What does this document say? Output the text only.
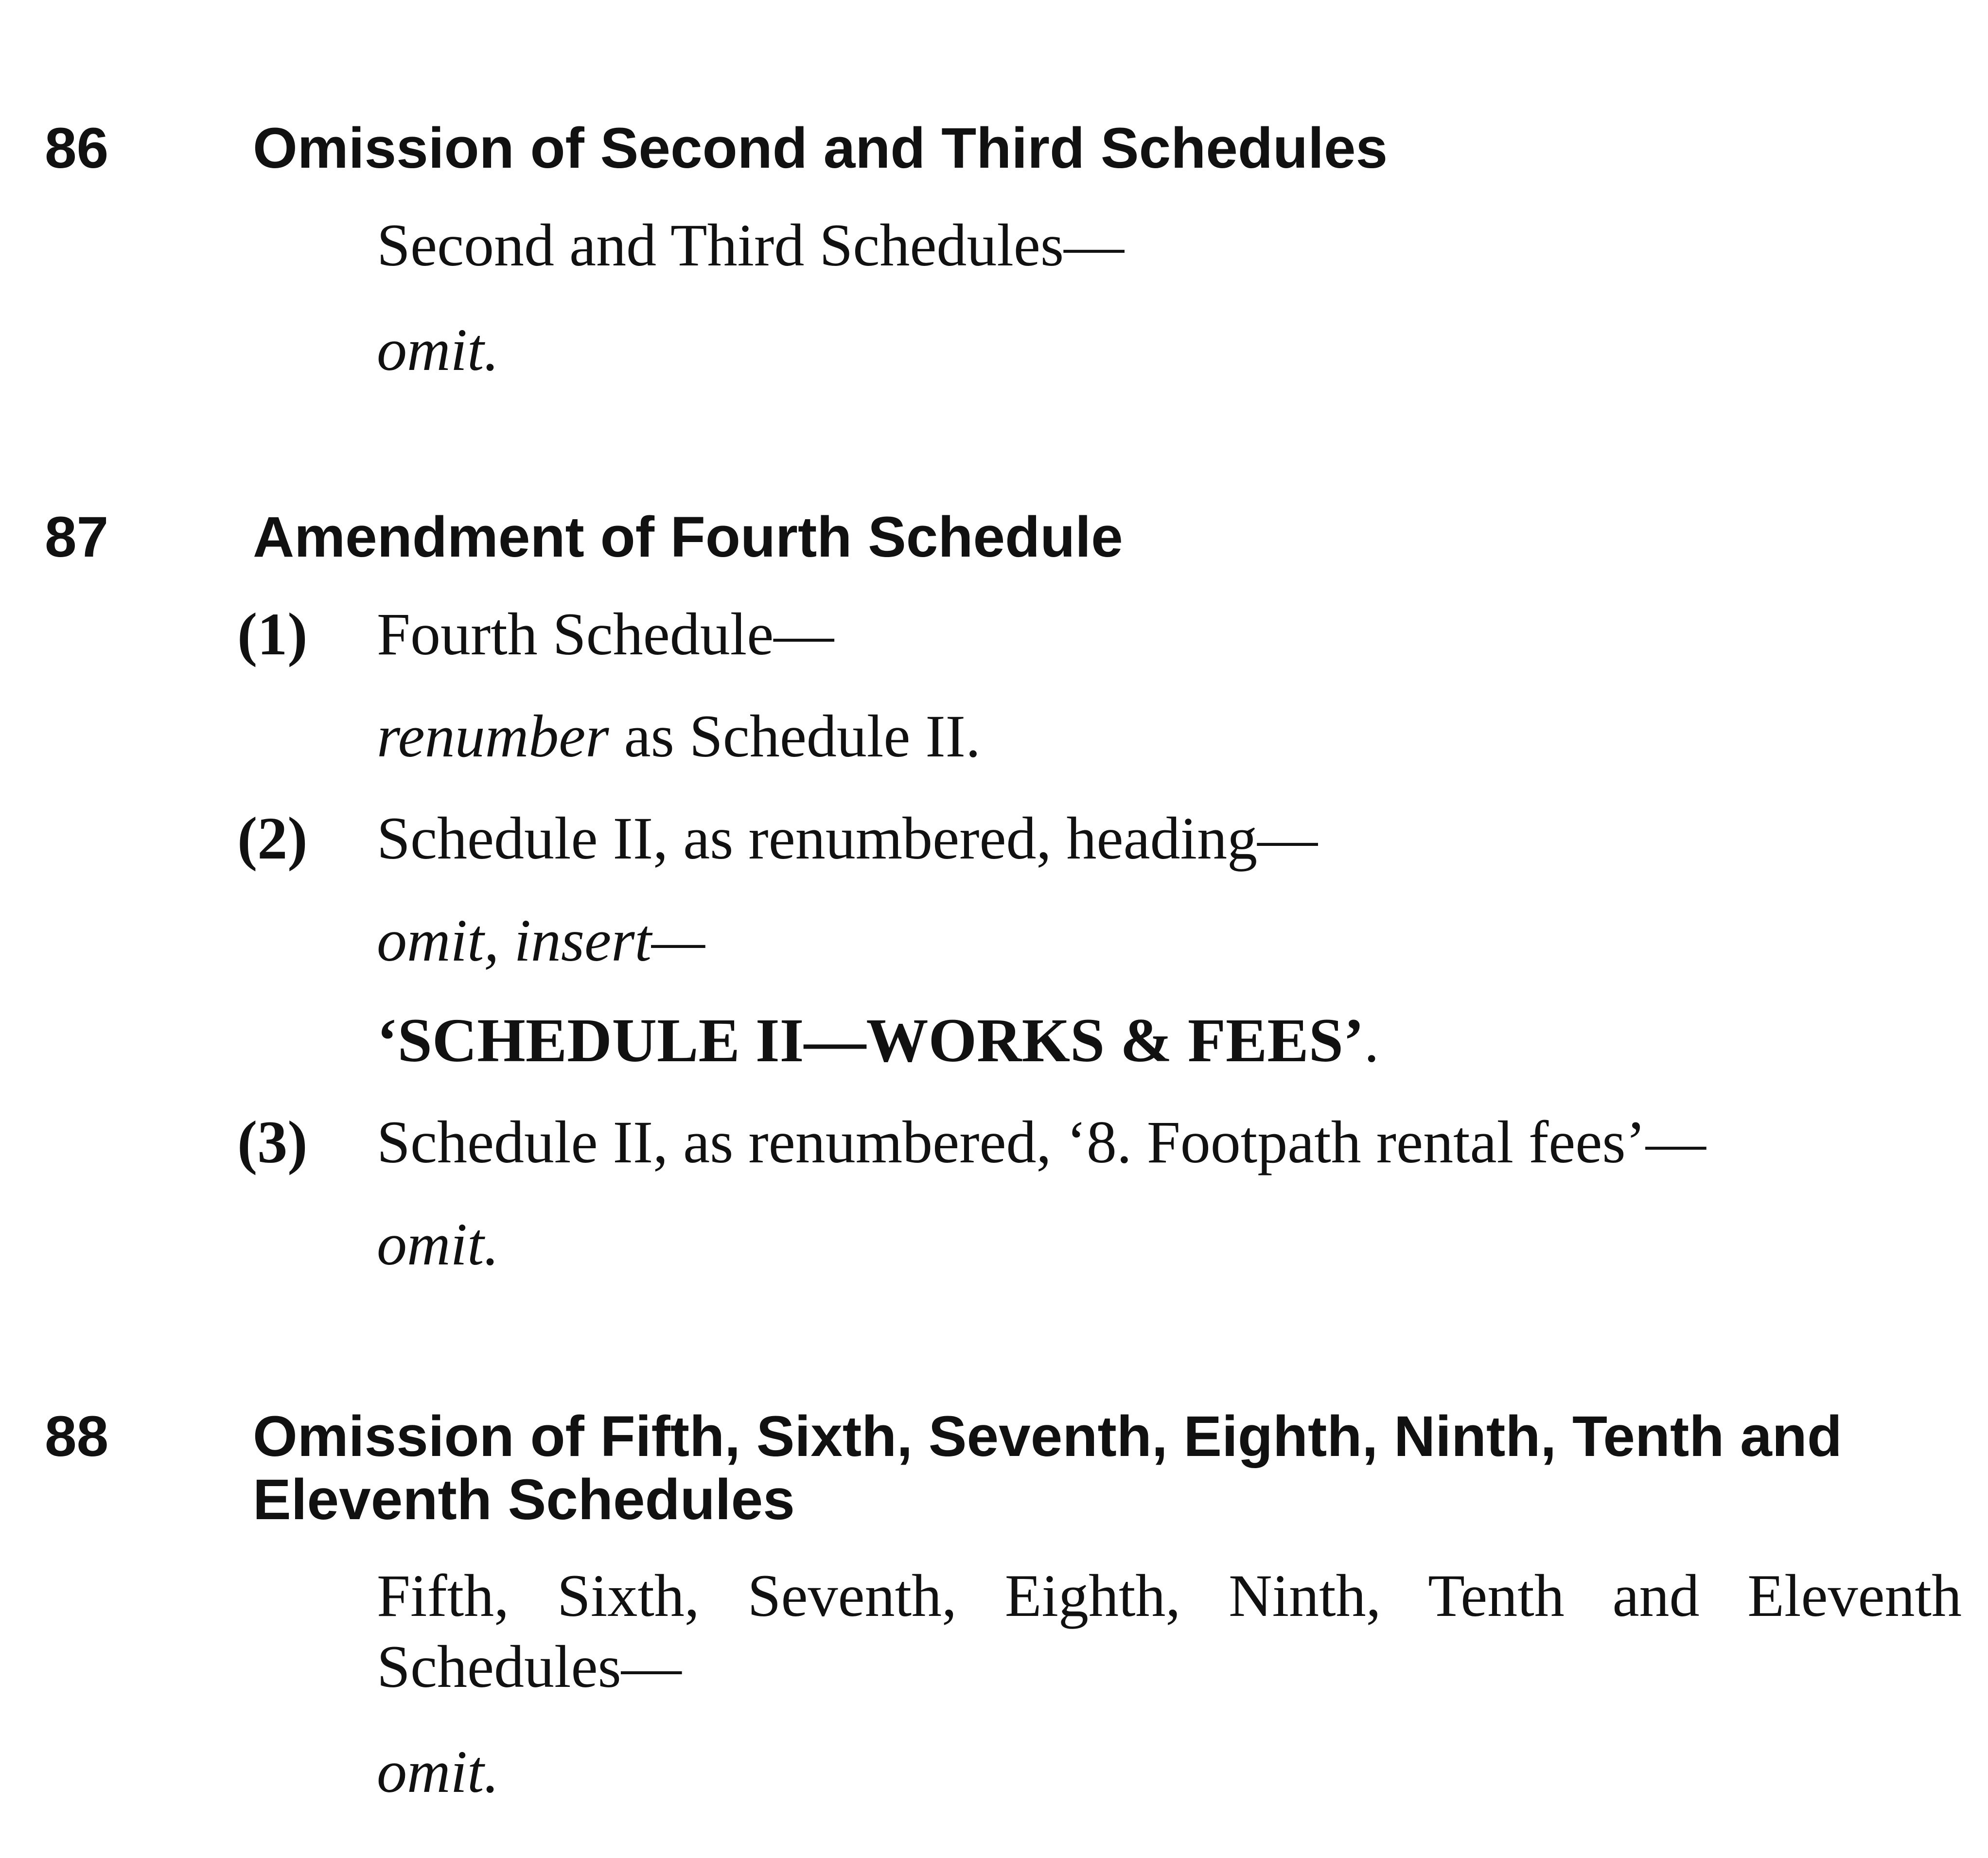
86	Omission of Second and Third Schedules

Second and Third Schedules—

omit.

87	Amendment of Fourth Schedule

(1) Fourth Schedule—

renumber as Schedule II.

(2) Schedule II, as renumbered, heading—

omit, insert—

‘SCHEDULE II—WORKS & FEES’.

(3) Schedule II, as renumbered, ‘8. Footpath rental fees’—

omit.

88	Omission of Fifth, Sixth, Seventh, Eighth, Ninth, Tenth and Eleventh Schedules

Fifth, Sixth, Seventh, Eighth, Ninth, Tenth and Eleventh Schedules—

omit.
